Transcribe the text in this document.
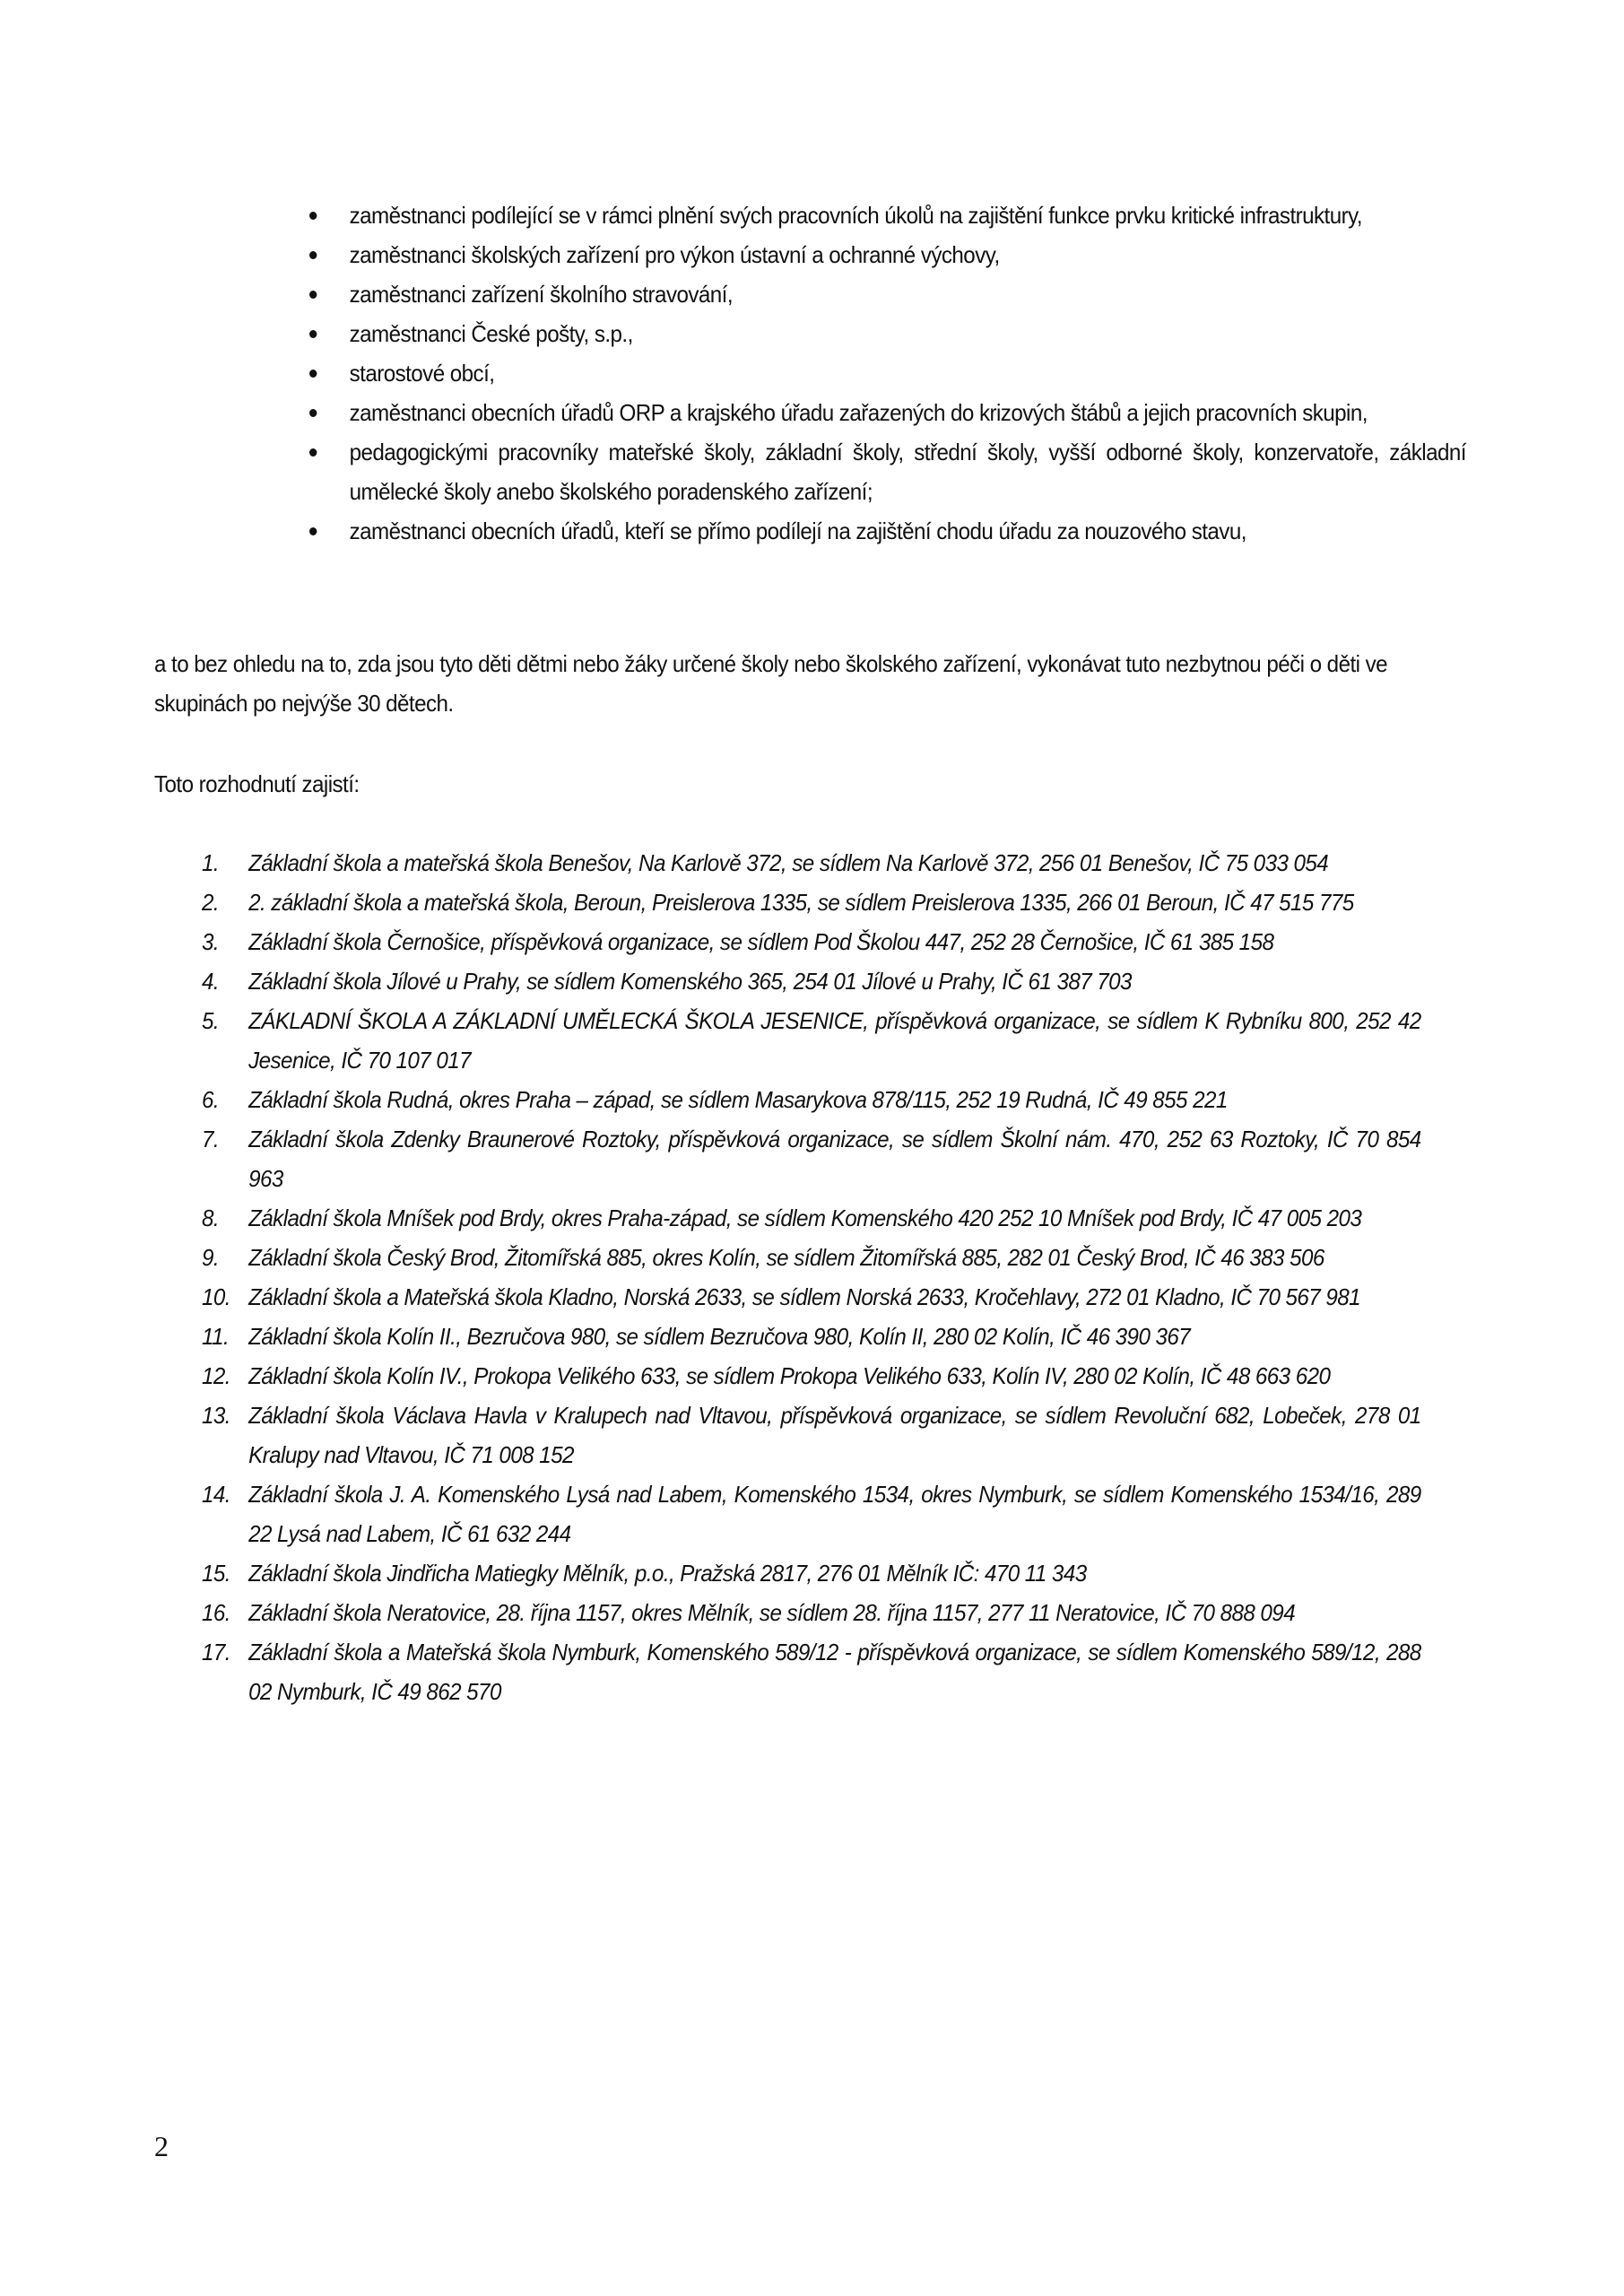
zaměstnanci podílející se v rámci plnění svých pracovních úkolů na zajištění funkce prvku kritické infrastruktury,
zaměstnanci školských zařízení pro výkon ústavní a ochranné výchovy,
zaměstnanci zařízení školního stravování,
zaměstnanci České pošty, s.p.,
starostové obcí,
zaměstnanci obecních úřadů ORP a krajského úřadu zařazených do krizových štábů a jejich pracovních skupin,
pedagogickými pracovníky mateřské školy, základní školy, střední školy, vyšší odborné školy, konzervatoře, základní umělecké školy anebo školského poradenského zařízení;
zaměstnanci obecních úřadů, kteří se přímo podílejí na zajištění chodu úřadu za nouzového stavu,

a to bez ohledu na to, zda jsou tyto děti dětmi nebo žáky určené školy nebo školského zařízení, vykonávat tuto nezbytnou péči o děti ve skupinách po nejvýše 30 dětech.

Toto rozhodnutí zajistí:

1.	Základní škola a mateřská škola Benešov, Na Karlově 372, se sídlem Na Karlově 372, 256 01 Benešov, IČ 75 033 054
2.	2. základní škola a mateřská škola, Beroun, Preislerova 1335, se sídlem Preislerova 1335, 266 01 Beroun, IČ 47 515 775
3.	Základní škola Černošice, příspěvková organizace, se sídlem Pod Školou 447, 252 28 Černošice, IČ 61 385 158
4.	Základní škola Jílové u Prahy, se sídlem Komenského 365, 254 01 Jílové u Prahy, IČ 61 387 703
5.	ZÁKLADNÍ ŠKOLA A ZÁKLADNÍ UMĚLECKÁ ŠKOLA JESENICE, příspěvková organizace, se sídlem K Rybníku 800, 252 42 Jesenice, IČ 70 107 017
6.	Základní škola Rudná, okres Praha – západ, se sídlem Masarykova 878/115, 252 19 Rudná, IČ 49 855 221
7.	Základní škola Zdenky Braunerové Roztoky, příspěvková organizace, se sídlem Školní nám. 470, 252 63 Roztoky, IČ 70 854 963
8.	Základní škola Mníšek pod Brdy, okres Praha-západ, se sídlem Komenského 420 252 10 Mníšek pod Brdy, IČ 47 005 203
9.	Základní škola Český Brod, Žitomířská 885, okres Kolín, se sídlem Žitomířská 885, 282 01 Český Brod, IČ 46 383 506
10. Základní škola a Mateřská škola Kladno, Norská 2633, se sídlem Norská 2633, Kročehlavy, 272 01 Kladno, IČ 70 567 981
11. Základní škola Kolín II., Bezručova 980, se sídlem Bezručova 980, Kolín II, 280 02 Kolín, IČ 46 390 367
12. Základní škola Kolín IV., Prokopa Velikého 633, se sídlem Prokopa Velikého 633, Kolín IV, 280 02 Kolín, IČ 48 663 620
13. Základní škola Václava Havla v Kralupech nad Vltavou, příspěvková organizace, se sídlem Revoluční 682, Lobeček, 278 01 Kralupy nad Vltavou, IČ 71 008 152
14. Základní škola J. A. Komenského Lysá nad Labem, Komenského 1534, okres Nymburk, se sídlem Komenského 1534/16, 289 22 Lysá nad Labem, IČ 61 632 244
15. Základní škola Jindřicha Matiegky Mělník, p.o., Pražská 2817, 276 01 Mělník IČ: 470 11 343
16. Základní škola Neratovice, 28. října 1157, okres Mělník, se sídlem 28. října 1157, 277 11 Neratovice, IČ 70 888 094
17. Základní škola a Mateřská škola Nymburk, Komenského 589/12 - příspěvková organizace, se sídlem Komenského 589/12, 288 02 Nymburk, IČ 49 862 570
2
